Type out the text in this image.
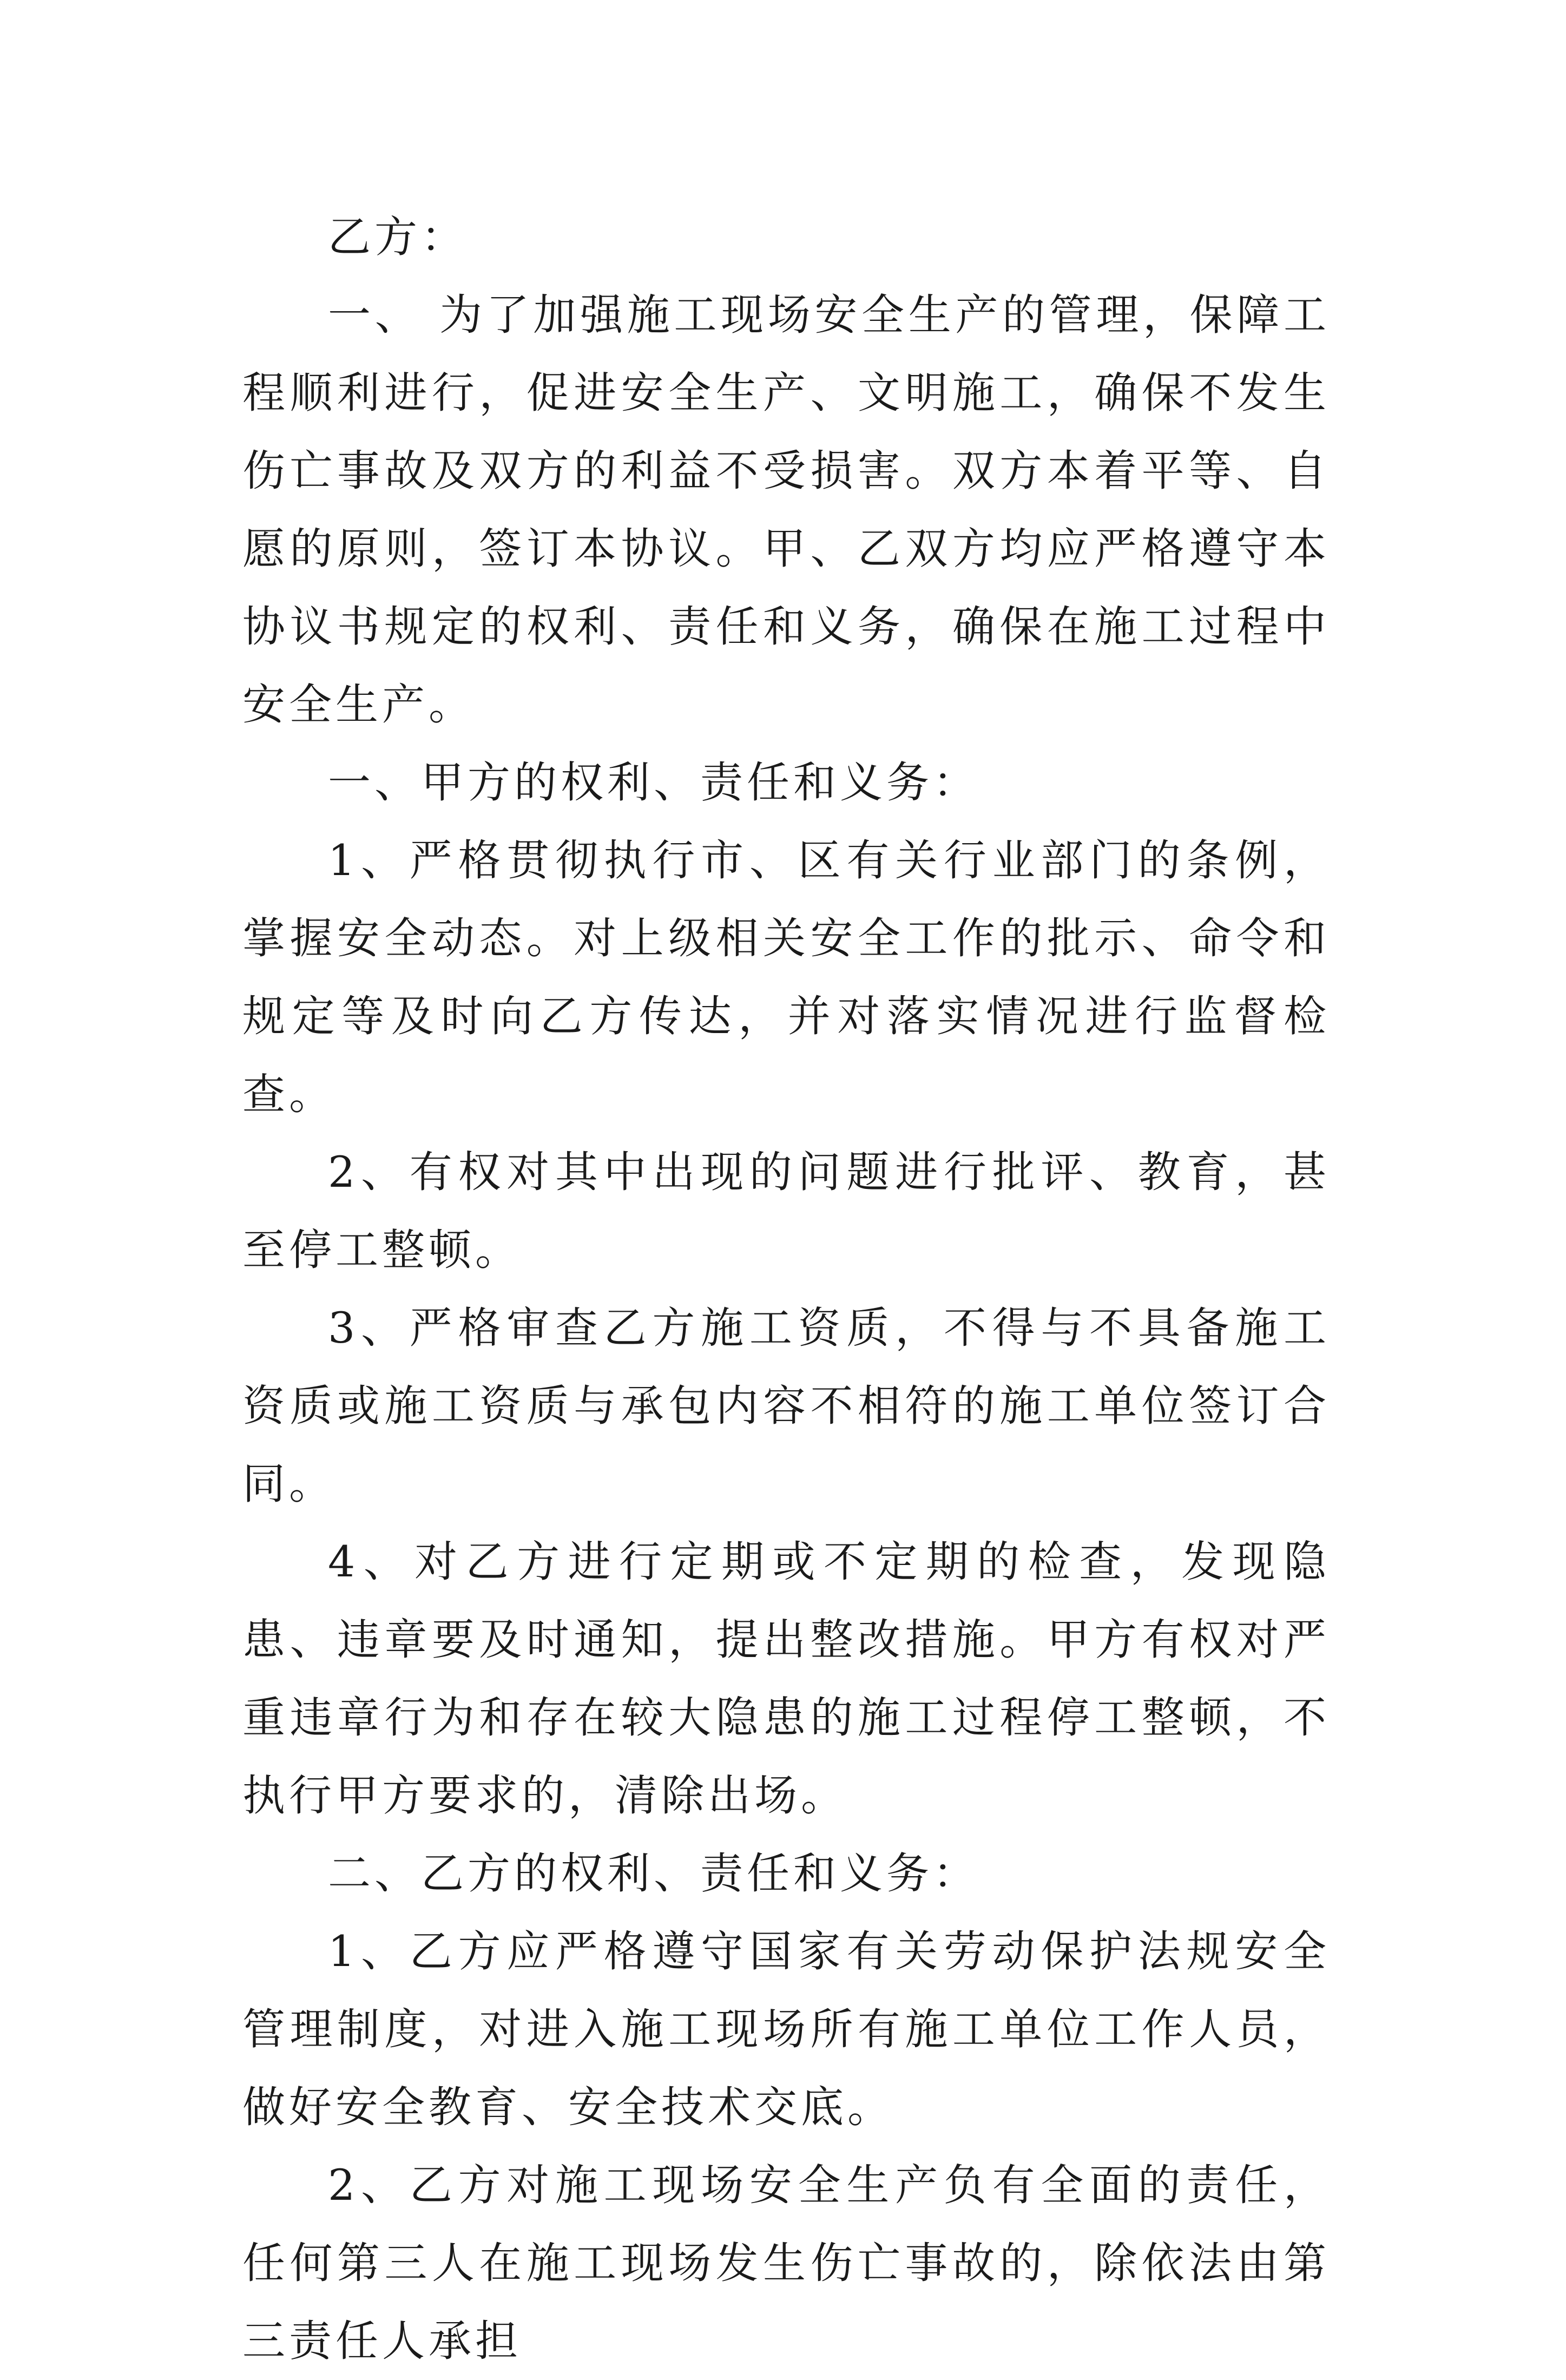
乙方：

一、 为了加强施工现场安全生产的管理，保障工程顺利进行，促进安全生产、文明施工，确保不发生伤亡事故及双方的利益不受损害。双方本着平等、自愿的原则，签订本协议。甲、乙双方均应严格遵守本协议书规定的权利、责任和义务，确保在施工过程中安全生产。

一、甲方的权利、责任和义务：

1、严格贯彻执行市、区有关行业部门的条例，掌握安全动态。对上级相关安全工作的批示、命令和规定等及时向乙方传达，并对落实情况进行监督检查。

2、有权对其中出现的问题进行批评、教育，甚至停工整顿。

3、严格审查乙方施工资质，不得与不具备施工资质或施工资质与承包内容不相符的施工单位签订合同。

4、对乙方进行定期或不定期的检查，发现隐患、违章要及时通知，提出整改措施。甲方有权对严重违章行为和存在较大隐患的施工过程停工整顿，不执行甲方要求的，清除出场。

二、乙方的权利、责任和义务：

1、乙方应严格遵守国家有关劳动保护法规安全管理制度，对进入施工现场所有施工单位工作人员，做好安全教育、安全技术交底。

2、乙方对施工现场安全生产负有全面的责任，任何第三人在施工现场发生伤亡事故的，除依法由第三责任人承担
